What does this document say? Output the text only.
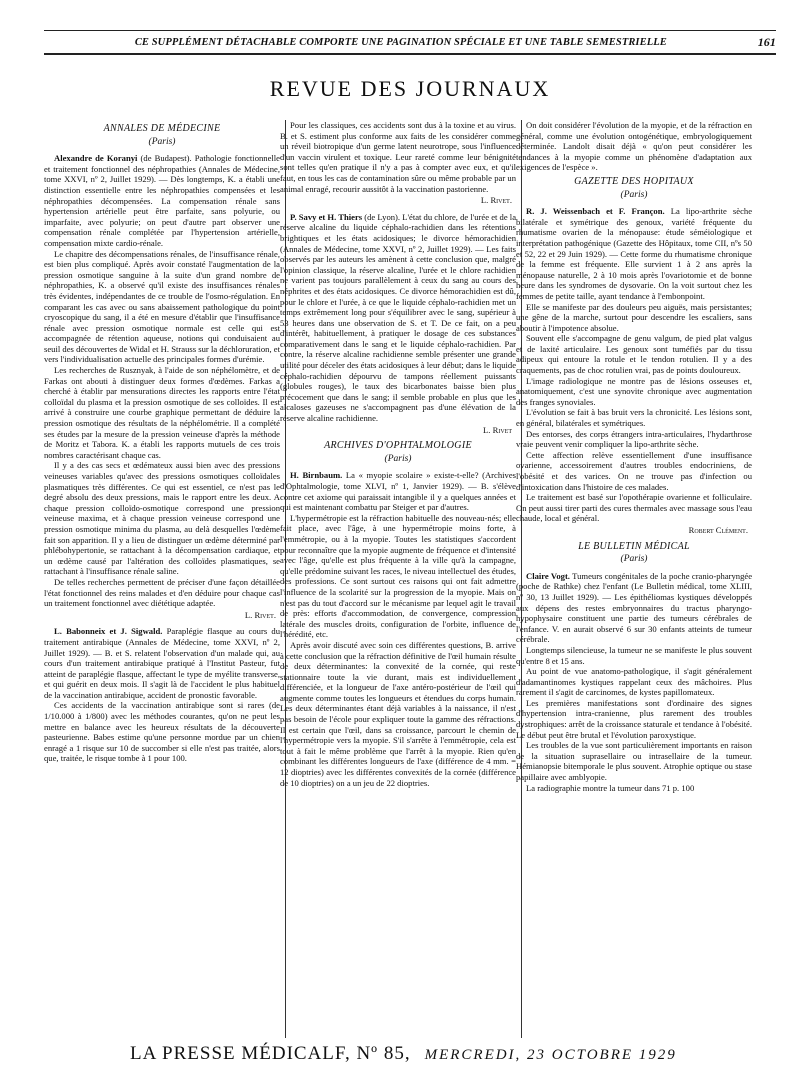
CE SUPPLÉMENT DÉTACHABLE COMPORTE UNE PAGINATION SPÉCIALE ET UNE TABLE SEMESTRIELLE	161
REVUE DES JOURNAUX
ANNALES DE MÉDECINE
(Paris)

Alexandre de Koranyi (de Budapest). Pathologie fonctionnelle et traitement fonctionnel des néphropathies (Annales de Médecine, tome XXVI, nº 2, Juillet 1929). — Dès longtemps, K. a établi une distinction essentielle entre les néphropathies compensées et les néphropathies décompensées. La compensation rénale sans hypertension artérielle peut être parfaite, sans polyurie, ou imparfaite, avec polyurie; on peut d'autre part observer une compensation rénale complétée par l'hypertension artérielle, compensation mixte cardio-rénale.

Le chapitre des décompensations rénales, de l'insuffisance rénale, est bien plus compliqué. Après avoir constaté l'augmentation de la pression osmotique sanguine à la suite d'un grand nombre de néphropathies, K. a observé qu'il existe des insuffisances rénales très évidentes, indépendantes de ce trouble de l'osmo-régulation. En comparant les cas avec ou sans abaissement pathologique du point cryoscopique du sang, il a été en mesure d'établir que l'insuffisance rénale avec pression osmotique normale est celle qui est accompagnée de rétention aqueuse, notions qui conduisaient au seuil des découvertes de Widal et H. Strauss sur la déchloruration, et vers l'individualisation actuelle des principales formes d'urémie.

Les recherches de Rusznyak, à l'aide de son néphélomètre, et de Farkas ont abouti à distinguer deux formes d'œdèmes. Farkas a cherché à établir par mensurations directes les rapports entre l'état colloïdal du plasma et la pression osmotique de ses colloïdes. Il est arrivé à construire une courbe graphique permettant de déduire la pression osmotique des résultats de la néphélométrie. Il a complété ses études par la mesure de la pression veineuse d'après la méthode de Moritz et Tabora. K. a établi les rapports mutuels de ces trois nombres caractérisant chaque cas.

Il y a des cas secs et œdémateux aussi bien avec des pressions veineuses variables qu'avec des pressions osmotiques colloïdales plasmatiques très différentes. Ce qui est essentiel, ce n'est pas le degré absolu des deux pressions, mais le rapport entre les deux. A chaque pression colloïdo-osmotique correspond une pression veineuse maxima, et à chaque pression veineuse correspond une pression osmotique minima du plasma, au delà desquelles l'œdème fait son apparition. Il y a lieu de distinguer un œdème déterminé par phlébohypertonie, se rattachant à la décompensation cardiaque, et un œdème causé par l'altération des colloïdes plasmatiques, se rattachant à l'insuffisance rénale saline.

De telles recherches permettent de préciser d'une façon détaillée l'état fonctionnel des reins malades et d'en déduire pour chaque cas un traitement fonctionnel avec diététique adaptée.

L. Rivet.

L. Babonneix et J. Sigwald. Paraplégie flasque au cours du traitement antirabique (Annales de Médecine, tome XXVI, nº 2, Juillet 1929). — B. et S. relatent l'observation d'un malade qui, au cours d'un traitement antirabique pratiqué à l'Institut Pasteur, fut atteint de paraplégie flasque, affectant le type de myélite transverse, et qui guérit en deux mois. Il s'agit là de l'accident le plus habituel de la vaccination antirabique, accident de pronostic favorable.

Ces accidents de la vaccination antirabique sont si rares (de 1/10.000 à 1/800) avec les méthodes courantes, qu'on ne peut les mettre en balance avec les heureux résultats de la découverte pasteurienne. Babes estime qu'une personne mordue par un chien enragé a 1 risque sur 10 de succomber si elle n'est pas traitée, alors que, traitée, le risque tombe à 1 pour 100.

Pour les classiques, ces accidents sont dus à la toxine et au virus. B. et S. estiment plus conforme aux faits de les considérer comme un réveil biotropique d'un germe latent neurotrope, sous l'influence d'un vaccin virulent et toxique. Leur rareté comme leur bénignité sont telles qu'en pratique il n'y a pas à compter avec eux, et qu'il faut, en tous les cas de contamination sûre ou même probable par un animal enragé, recourir aussitôt à la vaccination pastorienne.

L. Rivet.

P. Savy et H. Thiers (de Lyon). L'état du chlore, de l'urée et de la réserve alcaline du liquide céphalo-rachidien dans les rétentions brightiques et les états acidosiques; le divorce hémorachidien (Annales de Médecine, tome XXVI, nº 2, Juillet 1929). — Les faits observés par les auteurs les amènent à cette conclusion que, malgré l'opinion classique, la réserve alcaline, l'urée et le chlore rachidien ne varient pas toujours parallèlement à ceux du sang au cours des néphrites et des états acidosiques. Ce divorce hémorachidien est dû, pour le chlore et l'urée, à ce que le liquide céphalo-rachidien met un temps extrêmement long pour s'équilibrer avec le sang, supérieur à 53 heures dans une observation de S. et T. De ce fait, on a peu d'intérêt, habituellement, à pratiquer le dosage de ces substances comparativement dans le sang et le liquide céphalo-rachidien. Par contre, la réserve alcaline rachidienne semble présenter une grande utilité pour déceler des états acidosiques à leur début; dans le liquide céphalo-rachidien dépourvu de tampons réellement puissants (globules rouges), le taux des bicarbonates baisse bien plus précocement que dans le sang; il semble probable en plus que les alcaloses gazeuses ne s'accompagnent pas d'une élévation de la réserve alcaline rachidienne.

L. Rivet
ARCHIVES D'OPHTALMOLOGIE
(Paris)

H. Birnbaum. La « myopie scolaire » existe-t-elle? (Archives d'Ophtalmologie, tome XLVI, nº 1, Janvier 1929). — B. s'élève contre cet axiome qui paraissait intangible il y a quelques années et qui est maintenant combattu par Steiger et par d'autres.

L'hypermétropie est la réfraction habituelle des nouveau-nés; elle fait place, avec l'âge, à une hypermétropie moins forte, à l'emmétropie, ou à la myopie. Toutes les statistiques s'accordent pour reconnaître que la myopie augmente de fréquence et d'intensité avec l'âge, qu'elle est plus fréquente à la ville qu'à la campagne, qu'elle prédomine suivant les races, le niveau intellectuel des études, des professions. Ce sont surtout ces raisons qui ont fait admettre l'influence de la scolarité sur la progression de la myopie. Mais on n'est pas du tout d'accord sur le mécanisme par lequel agit le travail de près: efforts d'accommodation, de convergence, compression latérale des muscles droits, configuration de l'orbite, influence de l'hérédité, etc.

Après avoir discuté avec soin ces différentes questions, B. arrive à cette conclusion que la réfraction définitive de l'œil humain résulte de deux déterminantes: la convexité de la cornée, qui reste stationnaire toute la vie durant, mais est individuellement différenciée, et la longueur de l'axe antéro-postérieur de l'œil qui augmente comme toutes les longueurs et étendues du corps humain. Les deux déterminantes étant déjà variables à la naissance, il n'est pas besoin de l'école pour expliquer toute la gamme des réfractions. Il est certain que l'œil, dans sa croissance, parcourt le chemin de l'hypermétropie vers la myopie. S'il s'arrête à l'emmétropie, cela est tout à fait le même problème que l'arrêt à la myopie. Rien qu'en combinant les différentes longueurs de l'axe (différence de 4 mm. = 12 dioptries) avec les différentes convexités de la cornée (différence de 10 dioptries) on a un jeu de 22 dioptries.

On doit considérer l'évolution de la myopie, et de la réfraction en général, comme une évolution ontogénétique, embryologiquement déterminée. Landolt disait déjà « qu'on peut considérer les tendances à la myopie comme un phénomène d'adaptation aux exigences de l'espèce ».

GAZETTE DES HOPITAUX
(Paris)

R. J. Weissenbach et F. Françon. La lipo-arthrite sèche bilatérale et symétrique des genoux, variété fréquente du rhumatisme ovarien de la ménopause: étude séméiologique et interprétation pathogénique (Gazette des Hôpitaux, tome CII, nºs 50 et 52, 22 et 29 Juin 1929). — Cette forme du rhumatisme chronique de la femme est fréquente. Elle survient 1 à 2 ans après la ménopause naturelle, 2 à 10 mois après l'ovariotomie et de bonne heure dans les syndromes de dysovarie. On la voit surtout chez les femmes de petite taille, ayant tendance à l'embonpoint.

Elle se manifeste par des douleurs peu aiguës, mais persistantes; une gêne de la marche, surtout pour descendre les escaliers, sans aboutir à l'impotence absolue.

Souvent elle s'accompagne de genu valgum, de pied plat valgus et de laxité articulaire. Les genoux sont tuméfiés par du tissu adipeux qui entoure la rotule et le tendon rotulien. Il y a des craquements, pas de choc rotulien vrai, pas de points douloureux.

L'image radiologique ne montre pas de lésions osseuses et, anatomiquement, c'est une synovite chronique avec augmentation des franges synoviales.

L'évolution se fait à bas bruit vers la chronicité. Les lésions sont, en général, bilatérales et symétriques.

Des entorses, des corps étrangers intra-articulaires, l'hydarthrose vraie peuvent venir compliquer la lipo-arthrite sèche.

Cette affection relève essentiellement d'une insuffisance ovarienne, accessoirement d'autres troubles endocriniens, de l'obésité et des varices. On ne trouve pas d'infection ou d'intoxication dans l'histoire de ces malades.

Le traitement est basé sur l'opothérapie ovarienne et folliculaire. On peut aussi tirer parti des cures thermales avec massage sous l'eau chaude, local et général.

Robert Clément.
LE BULLETIN MÉDICAL
(Paris)

Claire Vogt. Tumeurs congénitales de la poche cranio-pharyngée (poche de Rathke) chez l'enfant (Le Bulletin médical, tome XLIII, nº 30, 13 Juillet 1929). — Les épithéliomas kystiques développés aux dépens des restes embryonnaires du tractus pharyngo-hypophysaire constituent une partie des tumeurs cérébrales de l'enfance. V. en aurait observé 6 sur 30 enfants atteints de tumeur cérébrale.

Longtemps silencieuse, la tumeur ne se manifeste le plus souvent qu'entre 8 et 15 ans.

Au point de vue anatomo-pathologique, il s'agit généralement d'adamantinomes kystiques rappelant ceux des mâchoires. Plus rarement il s'agit de carcinomes, de kystes papillomateux.

Les premières manifestations sont d'ordinaire des signes d'hypertension intra-cranienne, plus rarement des troubles dystrophiques: arrêt de la croissance staturale et tendance à l'obésité. Le début peut être brutal et l'évolution paroxystique.

Les troubles de la vue sont particulièrement importants en raison de la situation suprasellaire ou intrasellaire de la tumeur. Hémianopsie bitemporale le plus souvent. Atrophie optique ou stase papillaire avec amblyopie.

La radiographie montre la tumeur dans 71 p. 100

LA PRESSE MÉDICALF, Nº 85, MERCREDI, 23 OCTOBRE 1929
